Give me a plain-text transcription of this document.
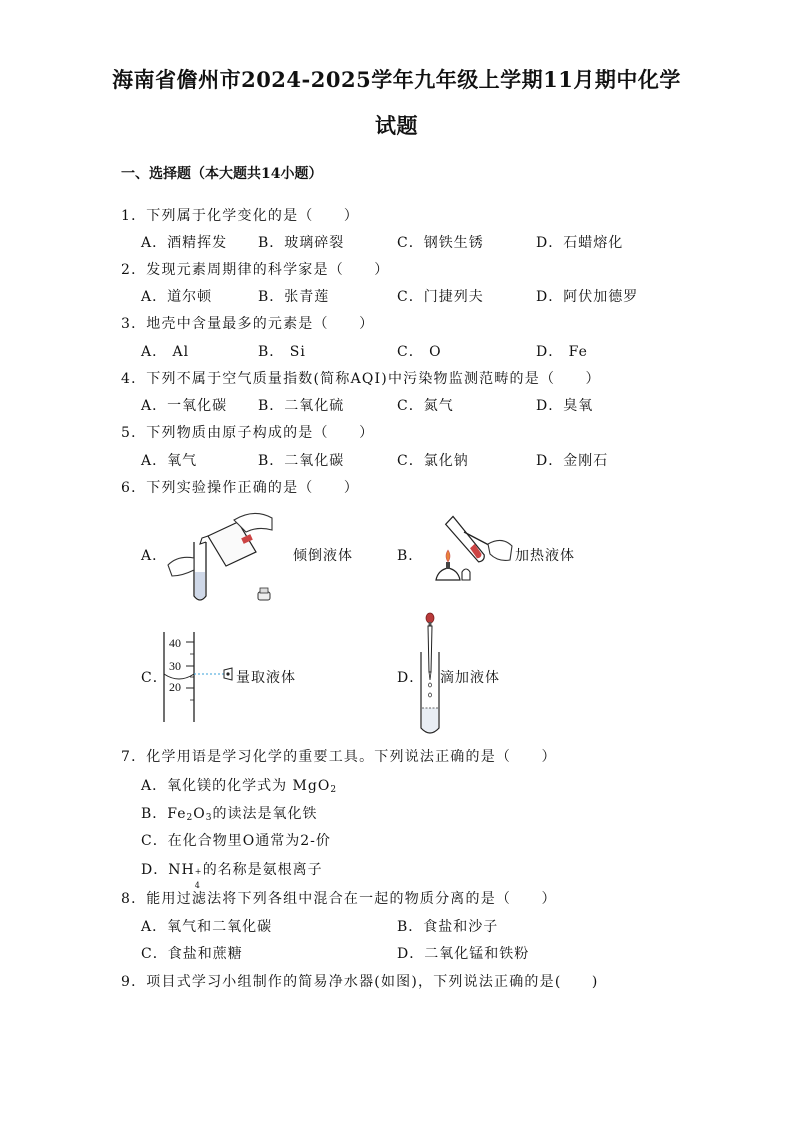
海南省儋州市2024-2025学年九年级上学期11月期中化学
试题
一、选择题（本大题共14小题）
1．下列属于化学变化的是（　　）
A．酒精挥发 B．玻璃碎裂	C．钢铁生锈	D．石蜡熔化
2．发现元素周期律的科学家是（　　）
A．道尔顿	B．张青莲	C．门捷列夫	D．阿伏加德罗
3．地壳中含量最多的元素是（　　）
A． Al	B． Si	C． O	D． Fe
4．下列不属于空气质量指数(简称AQI)中污染物监测范畴的是（　　）
A．一氧化碳 B．二氧化硫	C．氮气	D．臭氧
5．下列物质由原子构成的是（　　）
A．氧气	B．二氧化碳	C．氯化钠	D．金刚石
6．下列实验操作正确的是（　　）
A．	倾倒液体	B．	加热液体
C．
40
30
20
量取液体	D． 滴加液体
7．化学用语是学习化学的重要工具。下列说法正确的是（　　）
A．氧化镁的化学式为 MgO$_2$
B．$Fe_2O_3$的读法是氧化铁
C．在化合物里O通常为2-价
D．NH +
4
的名称是氨根离子
8．能用过滤法将下列各组中混合在一起的物质分离的是（　　）
A．氧气和二氧化碳	B．食盐和沙子
C．食盐和蔗糖	D．二氧化锰和铁粉
9．项目式学习小组制作的简易净水器(如图)，下列说法正确的是(　　)
